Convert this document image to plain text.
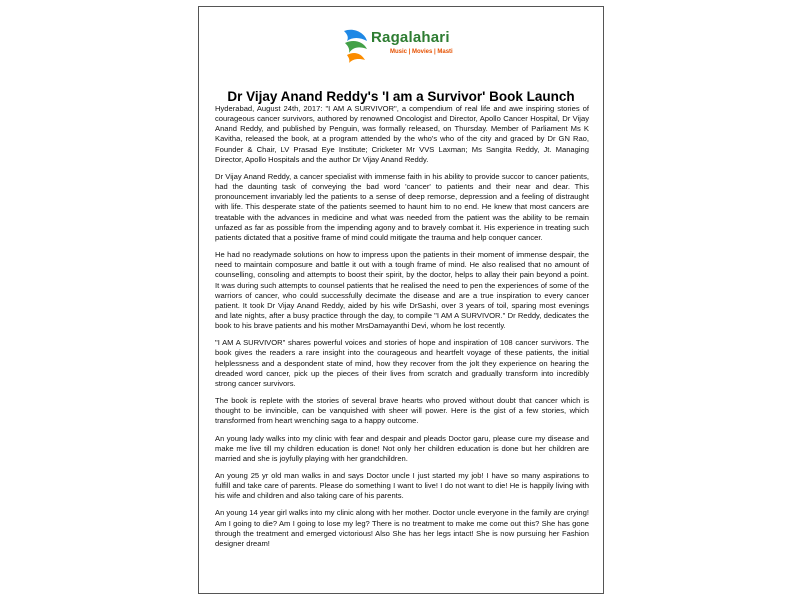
Ragalahari
Music | Movies | Masti
Dr Vijay Anand Reddy's 'I am a Survivor' Book Launch

Hyderabad, August 24th, 2017: "I AM A SURVIVOR", a compendium of real life and awe inspiring stories of courageous cancer survivors, authored by renowned Oncologist and Director, Apollo Cancer Hospital, Dr Vijay Anand Reddy, and published by Penguin, was formally released, on Thursday. Member of Parliament Ms K Kavitha, released the book, at a program attended by the who's who of the city and graced by Dr GN Rao, Founder & Chair, LV Prasad Eye Institute; Cricketer Mr VVS Laxman; Ms Sangita Reddy, Jt. Managing Director, Apollo Hospitals and the author Dr Vijay Anand Reddy.

Dr Vijay Anand Reddy, a cancer specialist with immense faith in his ability to provide succor to cancer patients, had the daunting task of conveying the bad word 'cancer' to patients and their near and dear. This pronouncement invariably led the patients to a sense of deep remorse, depression and a feeling of distraught with life. This desperate state of the patients seemed to haunt him to no end. He knew that most cancers are treatable with the advances in medicine and what was needed from the patient was the ability to be remain unfazed as far as possible from the impending agony and to bravely combat it. His experience in treating such patients dictated that a positive frame of mind could mitigate the trauma and help conquer cancer.

He had no readymade solutions on how to impress upon the patients in their moment of immense despair, the need to maintain composure and battle it out with a tough frame of mind. He also realised that no amount of counselling, consoling and attempts to boost their spirit, by the doctor, helps to allay their pain beyond a point. It was during such attempts to counsel patients that he realised the need to pen the experiences of some of the warriors of cancer, who could successfully decimate the disease and are a true inspiration to every cancer patient. It took Dr Vijay Anand Reddy, aided by his wife DrSashi, over 3 years of toil, sparing most evenings and late nights, after a busy practice through the day, to compile "I AM A SURVIVOR." Dr Reddy, dedicates the book to his brave patients and his mother MrsDamayanthi Devi, whom he lost recently.

"I AM A SURVIVOR" shares powerful voices and stories of hope and inspiration of 108 cancer survivors. The book gives the readers a rare insight into the courageous and heartfelt voyage of these patients, the initial helplessness and a despondent state of mind, how they recover from the jolt they experience on hearing the dreaded word cancer, pick up the pieces of their lives from scratch and gradually transform into incredibly strong cancer survivors.

The book is replete with the stories of several brave hearts who proved without doubt that cancer which is thought to be invincible, can be vanquished with sheer will power. Here is the gist of a few stories, which transformed from heart wrenching saga to a happy outcome.

An young lady walks into my clinic with fear and despair and pleads Doctor garu, please cure my disease and make me live till my children education is done! Not only her children education is done but her children are married and she is joyfully playing with her grandchildren.

An young 25 yr old man walks in and says Doctor uncle I just started my job! I have so many aspirations to fulfill and take care of parents. Please do something I want to live! I do not want to die! He is happily living with his wife and children and also taking care of his parents.

An young 14 year girl walks into my clinic along with her mother. Doctor uncle everyone in the family are crying! Am I going to die? Am I going to lose my leg? There is no treatment to make me come out this? She has gone through the treatment and emerged victorious! Also She has her legs intact! She is now pursuing her Fashion designer dream!
